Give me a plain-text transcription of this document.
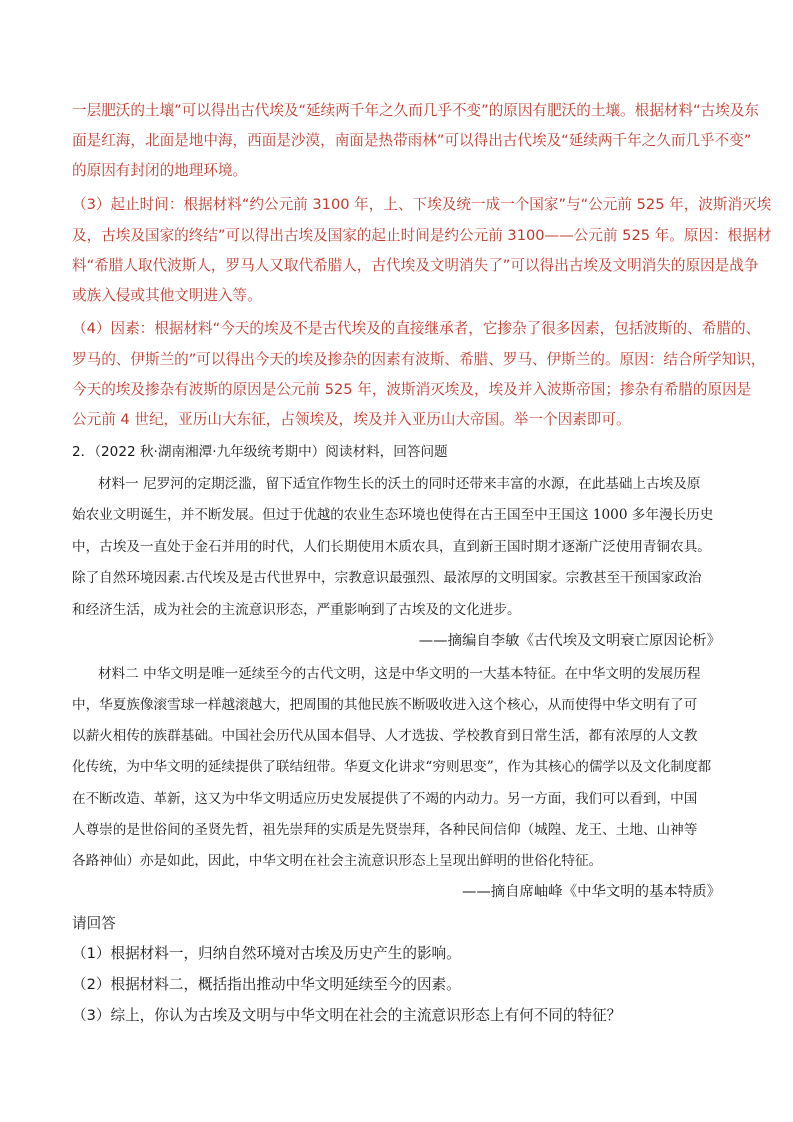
一层肥沃的土壤”可以得出古代埃及“延续两千年之久而几乎不变”的原因有肥沃的土壤。根据材料“古埃及东
面是红海，北面是地中海，西面是沙漠，南面是热带雨林”可以得出古代埃及“延续两千年之久而几乎不变”
的原因有封闭的地理环境。
（3）起止时间：根据材料“约公元前 3100 年，上、下埃及统一成一个国家”与“公元前 525 年，波斯消灭埃
及，古埃及国家的终结”可以得出古埃及国家的起止时间是约公元前 3100——公元前 525 年。原因：根据材
料“希腊人取代波斯人，罗马人又取代希腊人，古代埃及文明消失了”可以得出古埃及文明消失的原因是战争
或族入侵或其他文明进入等。
（4）因素：根据材料“今天的埃及不是古代埃及的直接继承者，它掺杂了很多因素，包括波斯的、希腊的、
罗马的、伊斯兰的”可以得出今天的埃及掺杂的因素有波斯、希腊、罗马、伊斯兰的。原因：结合所学知识，
今天的埃及掺杂有波斯的原因是公元前 525 年，波斯消灭埃及，埃及并入波斯帝国；掺杂有希腊的原因是
公元前 4 世纪，亚历山大东征，占领埃及，埃及并入亚历山大帝国。举一个因素即可。
2．（2022 秋·湖南湘潭·九年级统考期中）阅读材料，回答问题
材料一 尼罗河的定期泛滥，留下适宜作物生长的沃土的同时还带来丰富的水源，在此基础上古埃及原
始农业文明诞生，并不断发展。但过于优越的农业生态环境也使得在古王国至中王国这 1000 多年漫长历史
中，古埃及一直处于金石并用的时代，人们长期使用木质农具，直到新王国时期才逐渐广泛使用青铜农具。
除了自然环境因素.古代埃及是古代世界中，宗教意识最强烈、最浓厚的文明国家。宗教甚至干预国家政治
和经济生活，成为社会的主流意识形态，严重影响到了古埃及的文化进步。
——摘编自李敏《古代埃及文明衰亡原因论析》
材料二 中华文明是唯一延续至今的古代文明，这是中华文明的一大基本特征。在中华文明的发展历程
中，华夏族像滚雪球一样越滚越大，把周围的其他民族不断吸收进入这个核心，从而使得中华文明有了可
以薪火相传的族群基础。中国社会历代从国本倡导、人才选拔、学校教育到日常生活，都有浓厚的人文教
化传统，为中华文明的延续提供了联结纽带。华夏文化讲求“穷则思变”，作为其核心的儒学以及文化制度都
在不断改造、革新，这又为中华文明适应历史发展提供了不竭的内动力。另一方面，我们可以看到，中国
人尊崇的是世俗间的圣贤先哲，祖先崇拜的实质是先贤崇拜，各种民间信仰（城隍、龙王、土地、山神等
各路神仙）亦是如此，因此，中华文明在社会主流意识形态上呈现出鲜明的世俗化特征。
——摘自席岫峰《中华文明的基本特质》
请回答
（1）根据材料一，归纳自然环境对古埃及历史产生的影响。
（2）根据材料二，概括指出推动中华文明延续至今的因素。
（3）综上，你认为古埃及文明与中华文明在社会的主流意识形态上有何不同的特征？
